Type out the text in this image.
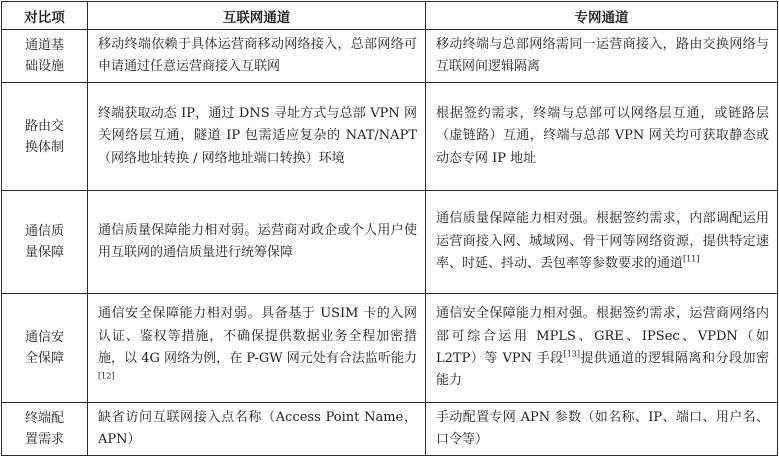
对比项	互联网通道	专网通道

通道基
础设施	移动终端依赖于具体运营商移动网络接入，总部网络可申请通过任意运营商接入互联网	移动终端与总部网络需同一运营商接入，路由交换网络与互联网间逻辑隔离

路由交
换体制	终端获取动态 IP，通过 DNS 寻址方式与总部 VPN 网关网络层互通，隧道 IP 包需适应复杂的 NAT/NAPT（网络地址转换 / 网络地址端口转换）环境	根据签约需求，终端与总部可以网络层互通，或链路层（虚链路）互通，终端与总部 VPN 网关均可获取静态或动态专网 IP 地址

通信质
量保障	通信质量保障能力相对弱。运营商对政企或个人用户使用互联网的通信质量进行统筹保障	通信质量保障能力相对强。根据签约需求，内部调配运用运营商接入网、城域网、骨干网等网络资源，提供特定速率、时延、抖动、丢包率等参数要求的通道[11]

通信安
全保障	通信安全保障能力相对弱。具备基于 USIM 卡的入网认证、鉴权等措施，不确保提供数据业务全程加密措施，以 4G 网络为例，在 P-GW 网元处有合法监听能力[12]	通信安全保障能力相对强。根据签约需求，运营商网络内部可综合运用 MPLS、GRE、IPSec、VPDN（如 L2TP）等 VPN 手段[13]提供通道的逻辑隔离和分段加密能力

终端配
置需求	缺省访问互联网接入点名称（Access Point Name，APN）	手动配置专网 APN 参数（如名称、IP、端口、用户名、口令等）
